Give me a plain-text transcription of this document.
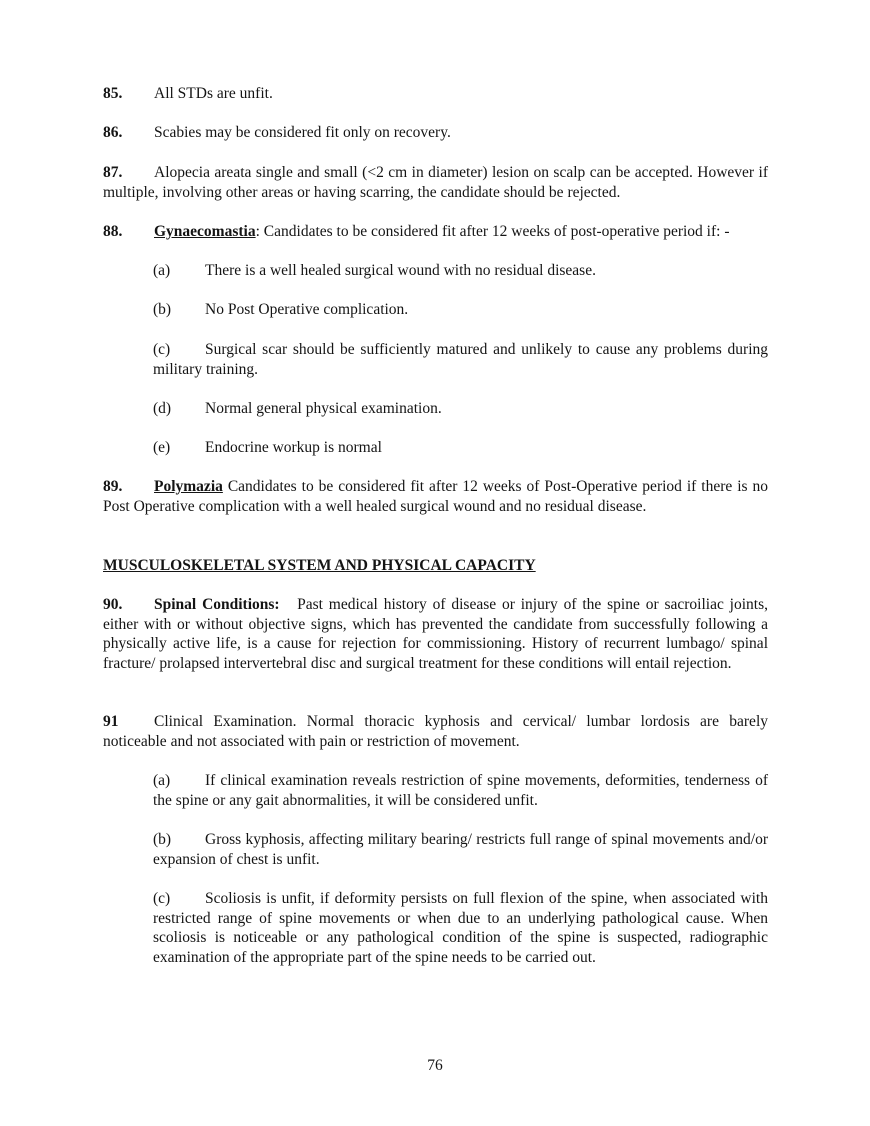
85. All STDs are unfit.

86. Scabies may be considered fit only on recovery.

87. Alopecia areata single and small (<2 cm in diameter) lesion on scalp can be accepted. However if multiple, involving other areas or having scarring, the candidate should be rejected.

88. Gynaecomastia: Candidates to be considered fit after 12 weeks of post-operative period if: -

(a) There is a well healed surgical wound with no residual disease.

(b) No Post Operative complication.

(c) Surgical scar should be sufficiently matured and unlikely to cause any problems during military training.

(d) Normal general physical examination.

(e) Endocrine workup is normal

89. Polymazia Candidates to be considered fit after 12 weeks of Post-Operative period if there is no Post Operative complication with a well healed surgical wound and no residual disease.

MUSCULOSKELETAL SYSTEM AND PHYSICAL CAPACITY

90. Spinal Conditions: Past medical history of disease or injury of the spine or sacroiliac joints, either with or without objective signs, which has prevented the candidate from successfully following a physically active life, is a cause for rejection for commissioning. History of recurrent lumbago/ spinal fracture/ prolapsed intervertebral disc and surgical treatment for these conditions will entail rejection.

91 Clinical Examination. Normal thoracic kyphosis and cervical/ lumbar lordosis are barely noticeable and not associated with pain or restriction of movement.

(a) If clinical examination reveals restriction of spine movements, deformities, tenderness of the spine or any gait abnormalities, it will be considered unfit.

(b) Gross kyphosis, affecting military bearing/ restricts full range of spinal movements and/or expansion of chest is unfit.

(c) Scoliosis is unfit, if deformity persists on full flexion of the spine, when associated with restricted range of spine movements or when due to an underlying pathological cause. When scoliosis is noticeable or any pathological condition of the spine is suspected, radiographic examination of the appropriate part of the spine needs to be carried out.

76
